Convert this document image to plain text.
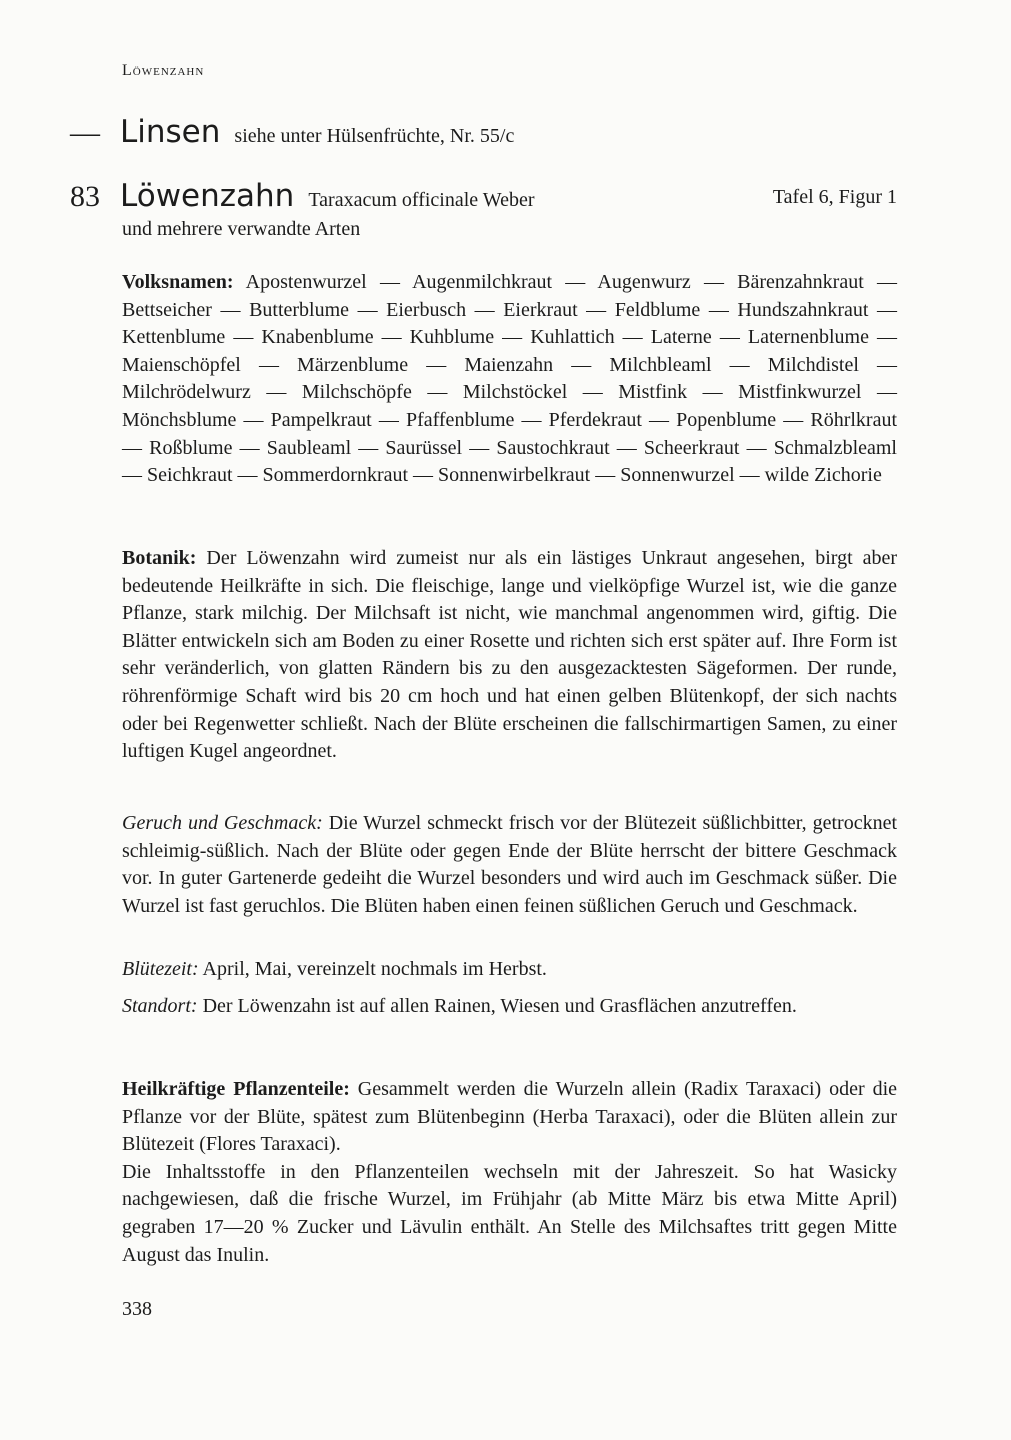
Löwenzahn
— Linsen siehe unter Hülsenfrüchte, Nr. 55/c
83 Löwenzahn Taraxacum officinale Weber	Tafel 6, Figur 1
und mehrere verwandte Arten

Volksnamen: Apostenwurzel — Augenmilchkraut — Augenwurz — Bärenzahnkraut — Bettseicher — Butterblume — Eierbusch — Eierkraut — Feldblume — Hundszahnkraut — Kettenblume — Knabenblume — Kuhblume — Kuhlattich — Laterne — Laternenblume — Maienschöpfel — Märzenblume — Maienzahn — Milchbleaml — Milchdistel — Milchrödelwurz — Milchschöpfe — Milchstöckel — Mistfink — Mistfinkwurzel — Mönchsblume — Pampelkraut — Pfaffenblume — Pferdekraut — Popenblume — Röhrlkraut — Roßblume — Saubleaml — Saurüssel — Saustochkraut — Scheerkraut — Schmalzbleaml — Seichkraut — Sommerdornkraut — Sonnenwirbelkraut — Sonnenwurzel — wilde Zichorie

Botanik: Der Löwenzahn wird zumeist nur als ein lästiges Unkraut angesehen, birgt aber bedeutende Heilkräfte in sich. Die fleischige, lange und vielköpfige Wurzel ist, wie die ganze Pflanze, stark milchig. Der Milchsaft ist nicht, wie manchmal angenommen wird, giftig. Die Blätter entwickeln sich am Boden zu einer Rosette und richten sich erst später auf. Ihre Form ist sehr veränderlich, von glatten Rändern bis zu den ausgezacktesten Sägeformen. Der runde, röhrenförmige Schaft wird bis 20 cm hoch und hat einen gelben Blütenkopf, der sich nachts oder bei Regenwetter schließt. Nach der Blüte erscheinen die fallschirmartigen Samen, zu einer luftigen Kugel angeordnet.

Geruch und Geschmack: Die Wurzel schmeckt frisch vor der Blütezeit süßlichbitter, getrocknet schleimig-süßlich. Nach der Blüte oder gegen Ende der Blüte herrscht der bittere Geschmack vor. In guter Gartenerde gedeiht die Wurzel besonders und wird auch im Geschmack süßer. Die Wurzel ist fast geruchlos. Die Blüten haben einen feinen süßlichen Geruch und Geschmack.

Blütezeit: April, Mai, vereinzelt nochmals im Herbst.

Standort: Der Löwenzahn ist auf allen Rainen, Wiesen und Grasflächen anzutreffen.

Heilkräftige Pflanzenteile: Gesammelt werden die Wurzeln allein (Radix Taraxaci) oder die Pflanze vor der Blüte, spätest zum Blütenbeginn (Herba Taraxaci), oder die Blüten allein zur Blütezeit (Flores Taraxaci).

Die Inhaltsstoffe in den Pflanzenteilen wechseln mit der Jahreszeit. So hat Wasicky nachgewiesen, daß die frische Wurzel, im Frühjahr (ab Mitte März bis etwa Mitte April) gegraben 17—20 % Zucker und Lävulin enthält. An Stelle des Milchsaftes tritt gegen Mitte August das Inulin.

338
